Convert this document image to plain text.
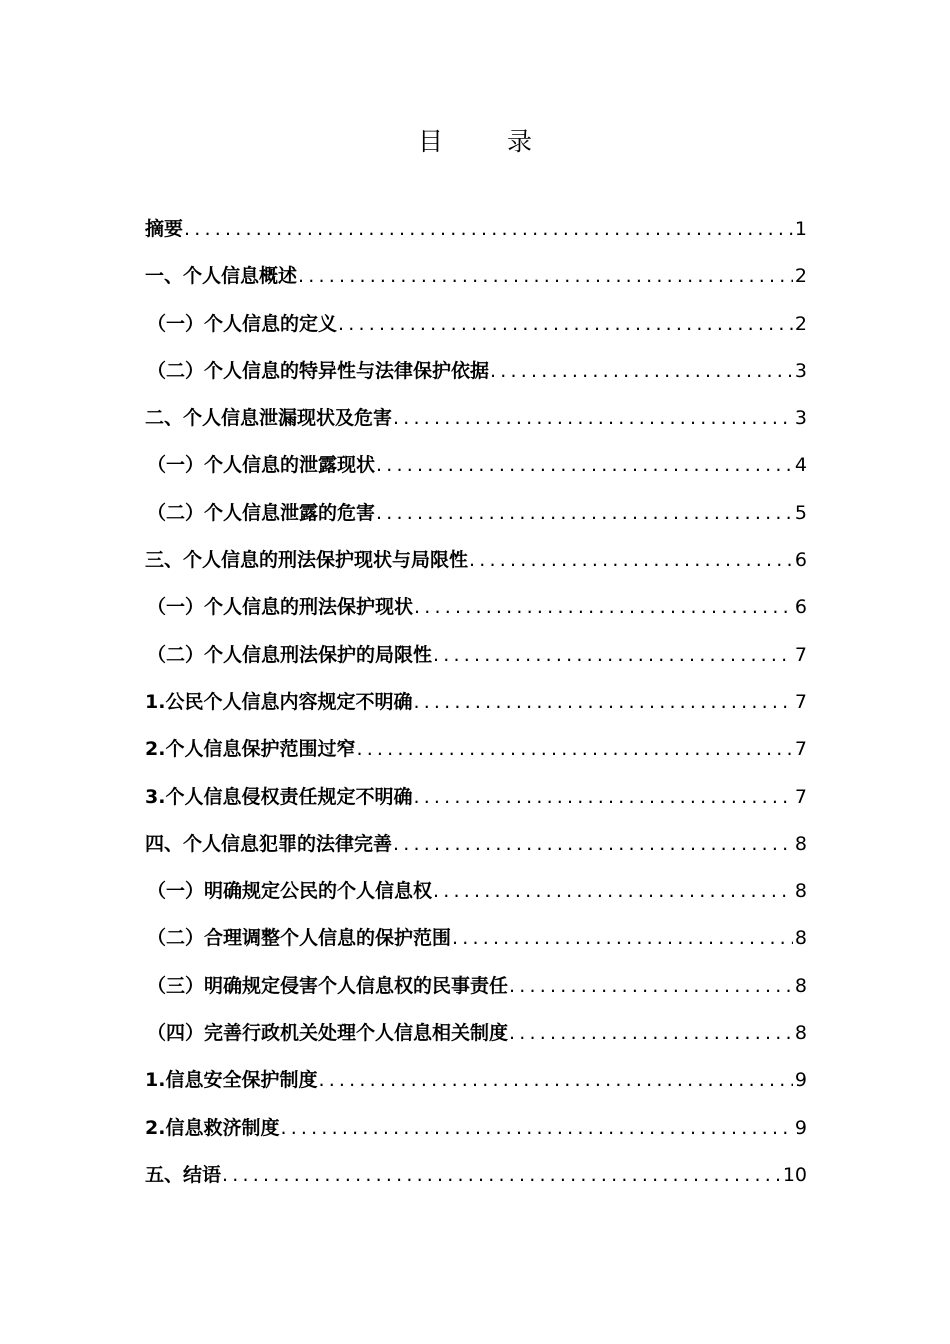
目 录
摘要 .....	1
一、个人信息概述 .....	2
（一）个人信息的定义 .....	2
（二）个人信息的特异性与法律保护依据 .....	3
二、个人信息泄漏现状及危害 .....	3
（一）个人信息的泄露现状 .....	4
（二）个人信息泄露的危害 .....	5
三、个人信息的刑法保护现状与局限性 .....	6
（一）个人信息的刑法保护现状 .....	6
（二）个人信息刑法保护的局限性 .....	7
1.公民个人信息内容规定不明确 .....	7
2.个人信息保护范围过窄 .....	7
3.个人信息侵权责任规定不明确 .....	7
四、个人信息犯罪的法律完善 .....	8
（一）明确规定公民的个人信息权 .....	8
（二）合理调整个人信息的保护范围 .....	8
（三）明确规定侵害个人信息权的民事责任 .....	8
（四）完善行政机关处理个人信息相关制度 .....	8
1.信息安全保护制度 .....	9
2.信息救济制度 .....	9
五、结语 .....	10
